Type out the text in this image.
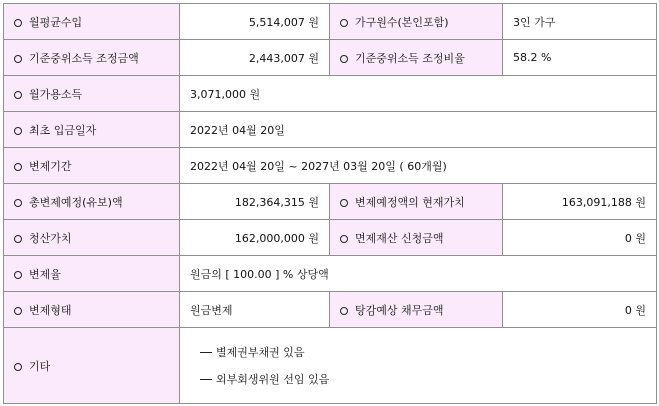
월평균수입	5,514,007 원	가구원수(본인포함)	3인 가구
기준중위소득 조정금액	2,443,007 원	기준중위소득 조정비율	58.2 %
월가용소득	3,071,000 원		
최초 입금일자	2022년 04월 20일		
변제기간	2022년 04월 20일 ~ 2027년 03월 20일 ( 60개월)		
총변제예정(유보)액	182,364,315 원	변제예정액의 현재가치	163,091,188 원
청산가치	162,000,000 원	면제재산 신청금액	0 원
변제율	원금의 [ 100.00 ] % 상당액		
변제형태	원금변제	탕감예상 채무금액	0 원
기타	별제권부채권 있음
외부회생위원 선임 있음		
